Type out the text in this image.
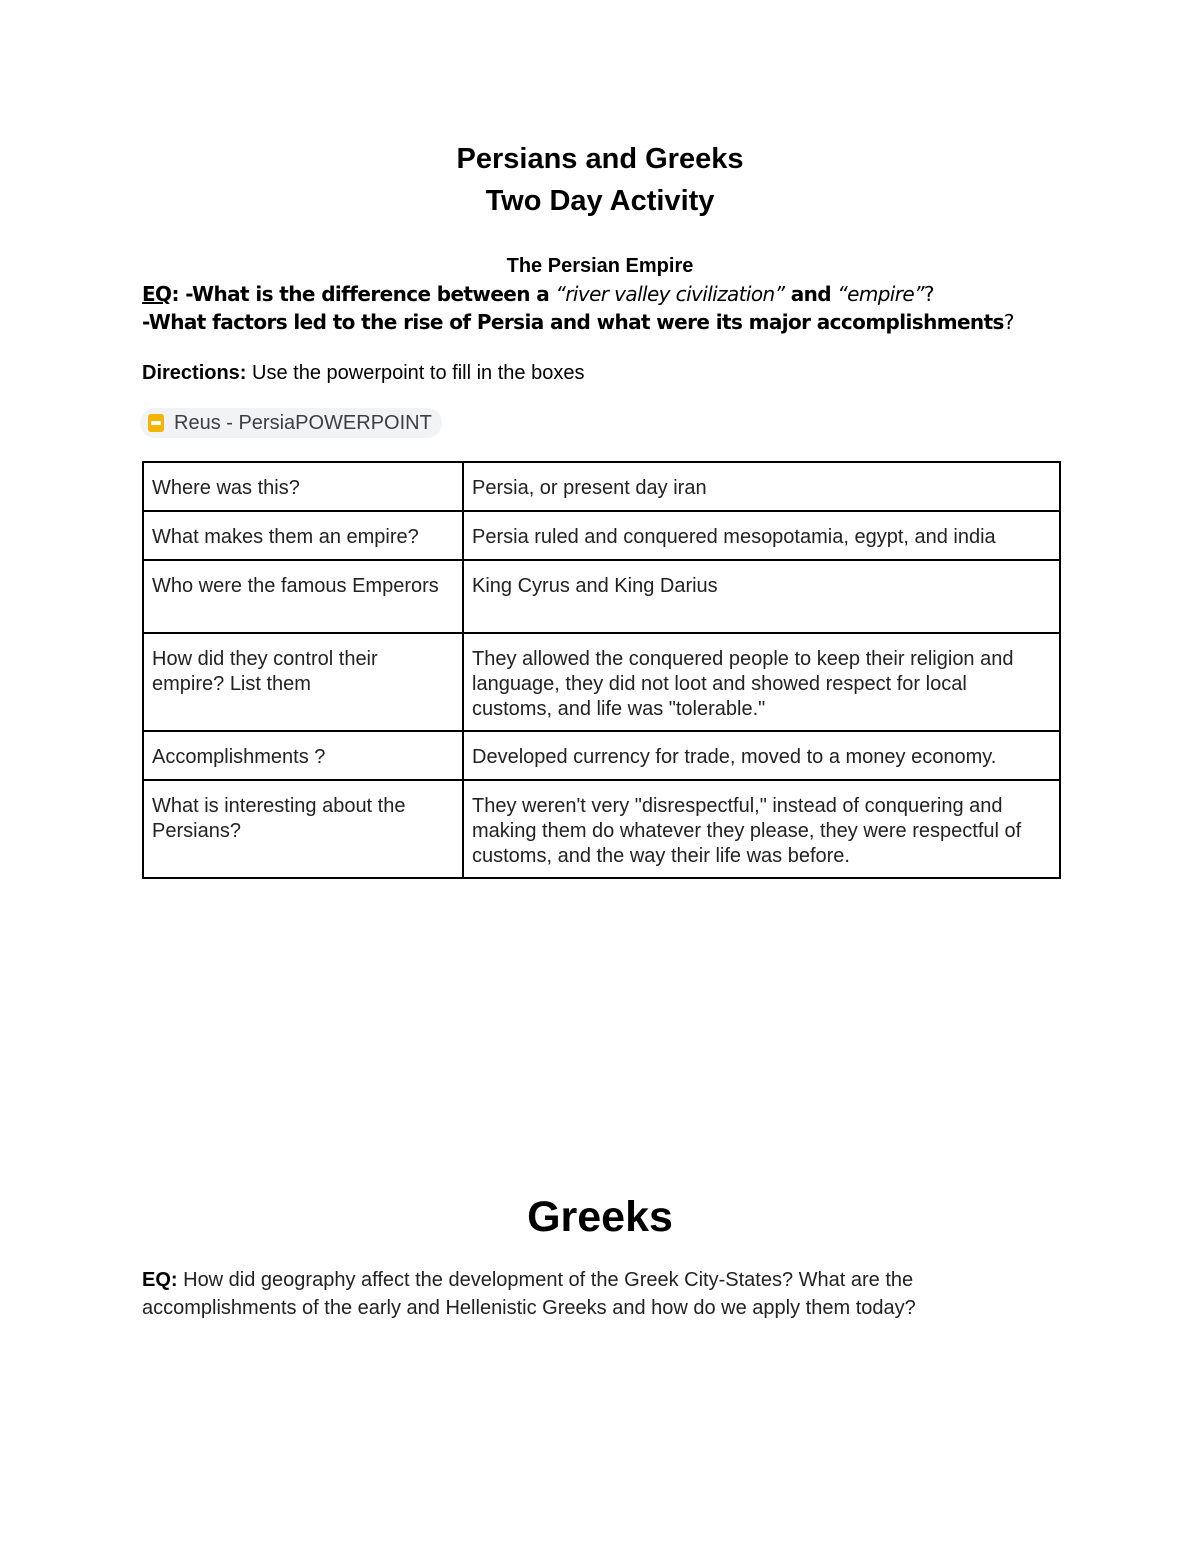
Persians and Greeks
Two Day Activity
The Persian Empire
EQ: -What is the difference between a “river valley civilization” and “empire”?
-What factors led to the rise of Persia and what were its major accomplishments?
Directions: Use the powerpoint to fill in the boxes
Reus - PersiaPOWERPOINT
Where was this?	Persia, or present day iran
What makes them an empire?	Persia ruled and conquered mesopotamia, egypt, and india
Who were the famous Emperors	King Cyrus and King Darius
How did they control their empire? List them	They allowed the conquered people to keep their religion and language, they did not loot and showed respect for local customs, and life was "tolerable."
Accomplishments ?	Developed currency for trade, moved to a money economy.
What is interesting about the Persians?	They weren't very "disrespectful," instead of conquering and making them do whatever they please, they were respectful of customs, and the way their life was before.
Greeks
EQ: How did geography affect the development of the Greek City-States? What are the accomplishments of the early and Hellenistic Greeks and how do we apply them today?
